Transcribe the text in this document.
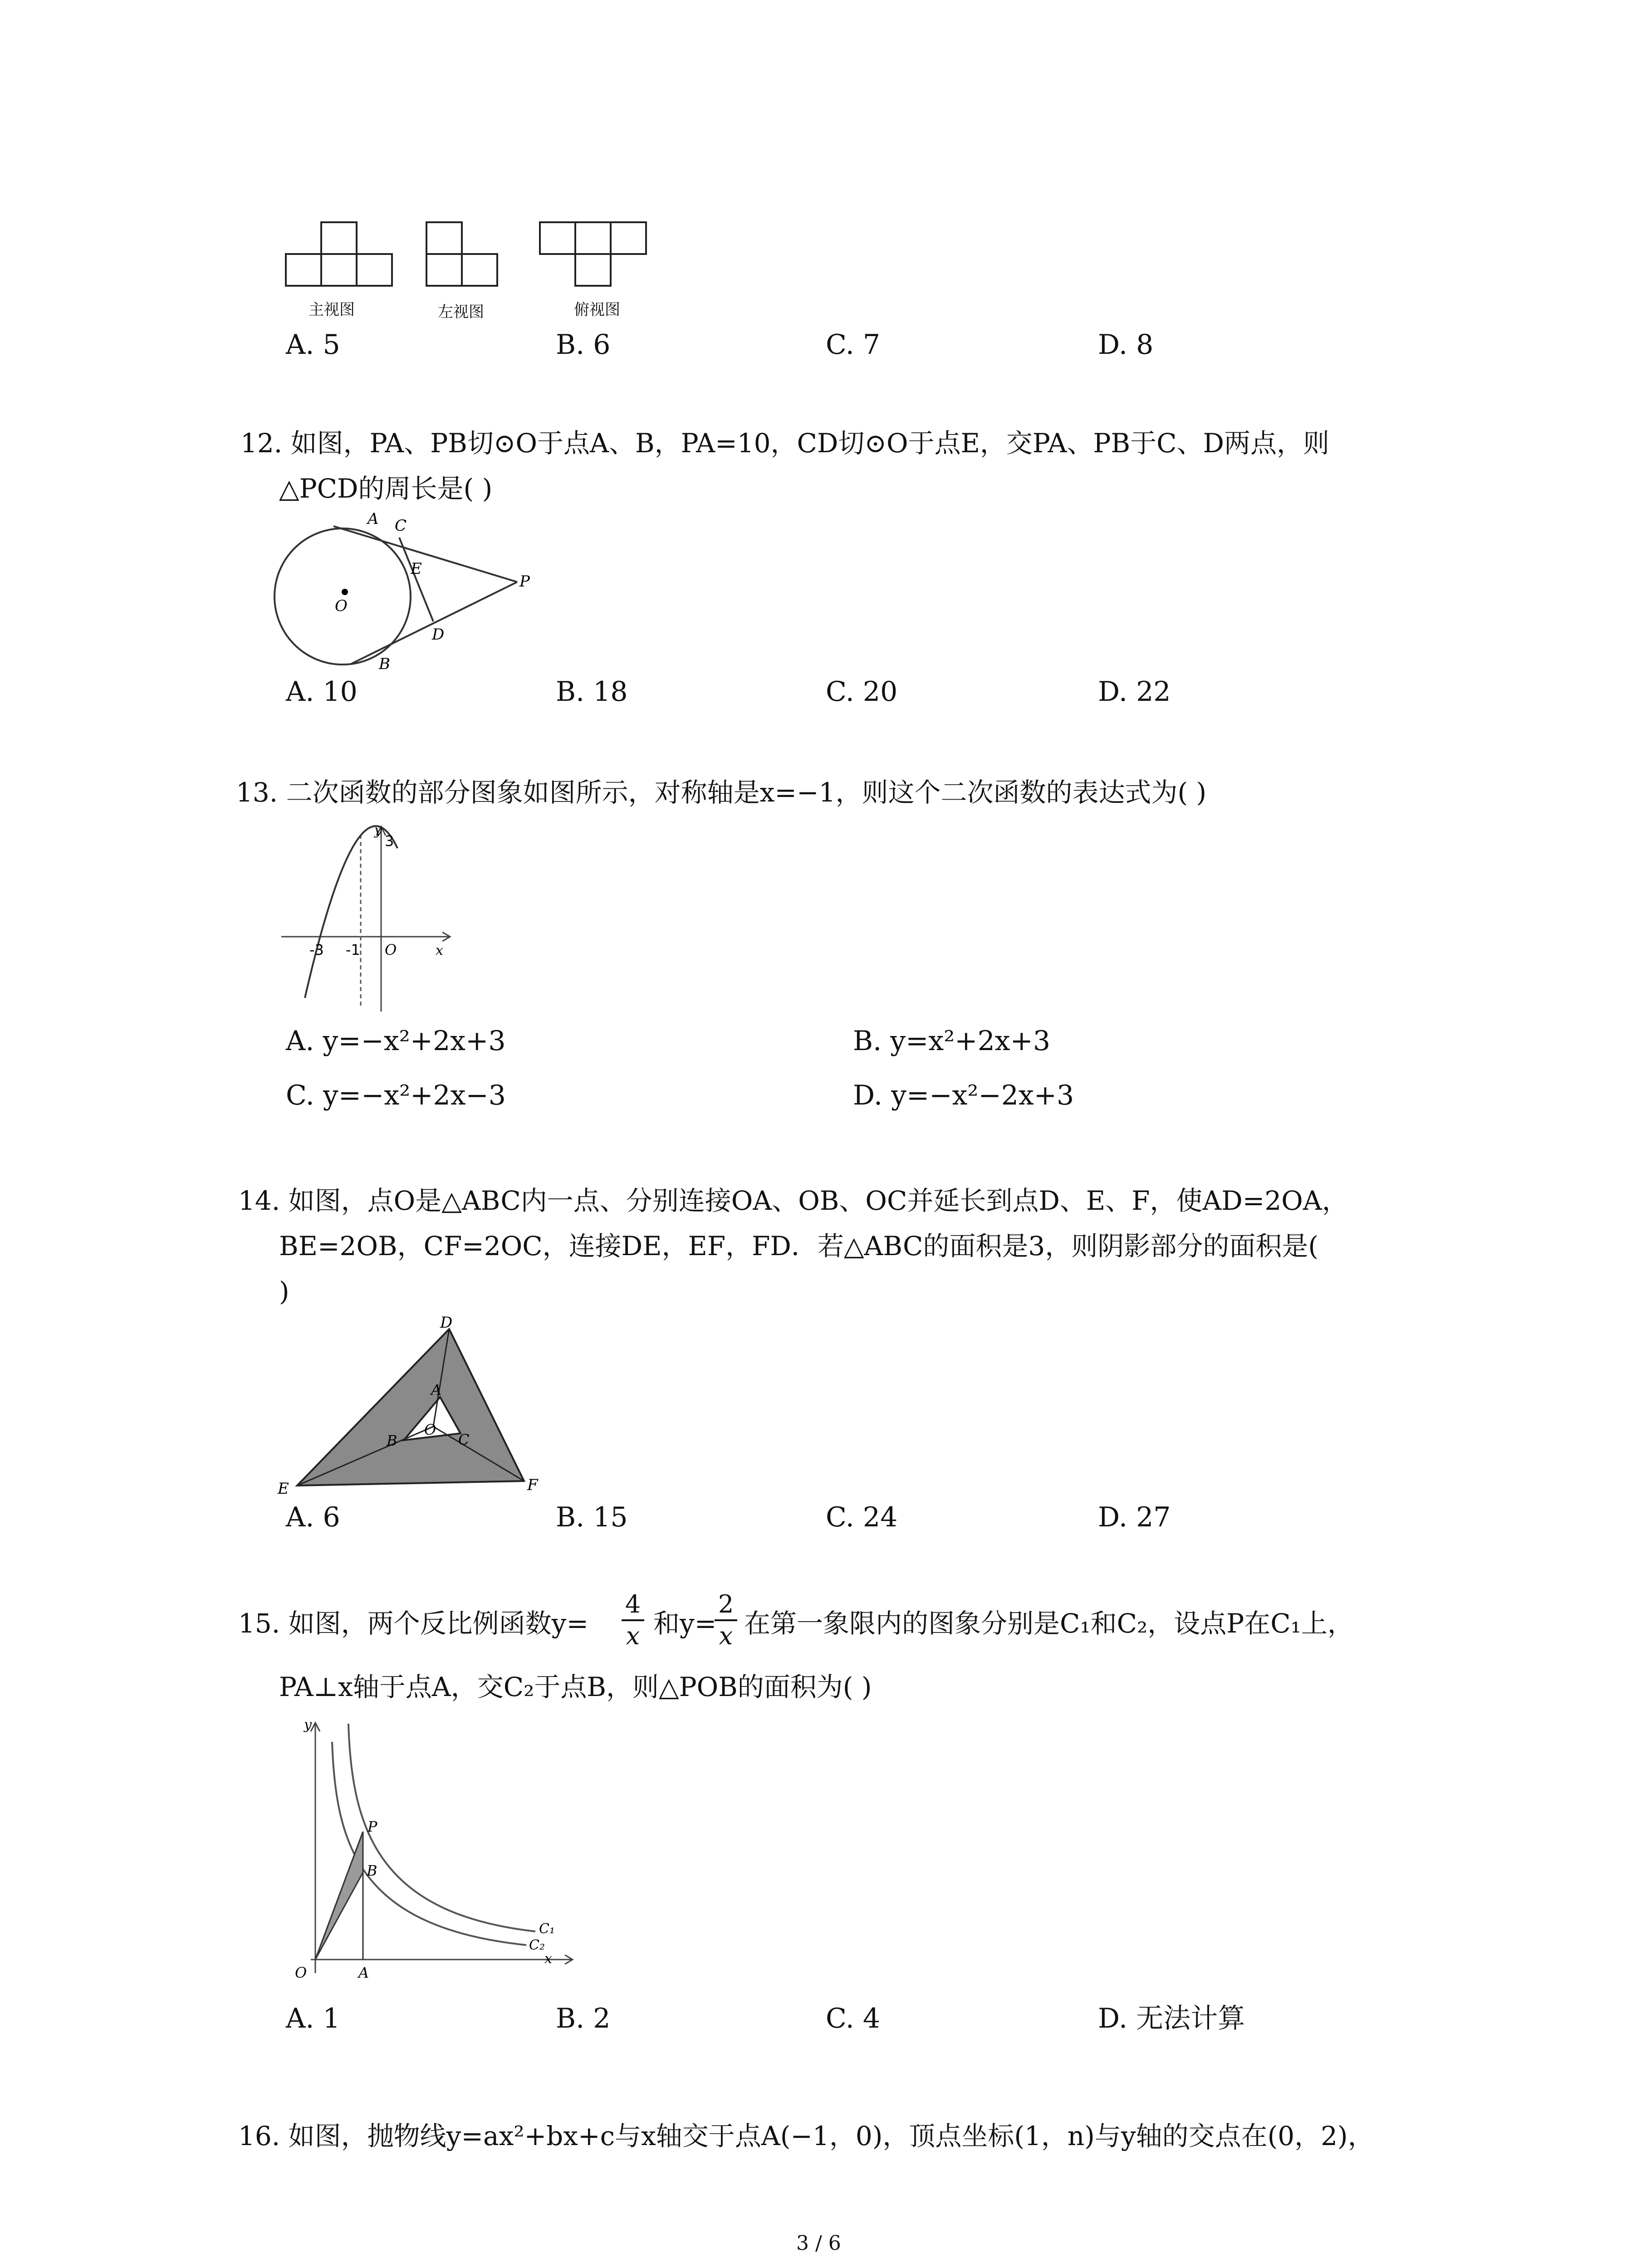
主视图	左视图	俯视图
A. 5	B. 6	C. 7	D. 8
12. 如图，PA、PB切⊙O于点A、B，PA=10，CD切⊙O于点E，交PA、PB于C、D两点，则
△PCD的周长是( )
A C
E
P
D
O
B
A. 10	B. 18	C. 20	D. 22
13. 二次函数的部分图象如图所示，对称轴是x=−1，则这个二次函数的表达式为( )
3
y
-3 -1 O	x
A. y=−x²+2x+3	B. y=x²+2x+3
C. y=−x²+2x−3	D. y=−x²−2x+3
14. 如图，点O是△ABC内一点、分别连接OA、OB、OC并延长到点D、E、F，使AD=2OA，
BE=2OB，CF=2OC，连接DE，EF，FD．若△ABC的面积是3，则阴影部分的面积是(
)
D
A
B
O
C
E	F
A. 6	B. 15	C. 24	D. 27
15. 如图，两个反比例函数y=
4
x 和y=
2
x 在第一象限内的图象分别是C₁和C₂，设点P在C₁上，
PA⊥x轴于点A，交C₂于点B，则△POB的面积为( )
y
P
B
O	A
x
C₁
C₂
A. 1	B. 2	C. 4	D. 无法计算
16. 如图，抛物线y=ax²+bx+c与x轴交于点A(−1，0)，顶点坐标(1，n)与y轴的交点在(0，2)，
3 / 6
